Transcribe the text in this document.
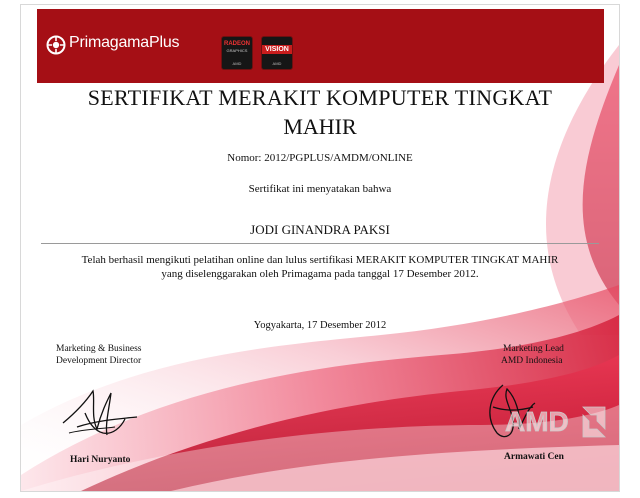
PrimagamaPlus	RADEON
GRAPHICS
AMD
VISION
AMD
SERTIFIKAT MERAKIT KOMPUTER TINGKAT
MAHIR
Nomor: 2012/PGPLUS/AMDM/ONLINE
Sertifikat ini menyatakan bahwa
JODI GINANDRA PAKSI
Telah berhasil mengikuti pelatihan online dan lulus sertifikasi MERAKIT KOMPUTER TINGKAT MAHIR
yang diselenggarakan oleh Primagama pada tanggal 17 Desember 2012.
Yogyakarta, 17 Desember 2012
Marketing & Business
Development Director
Marketing Lead
AMD Indonesia
AMD
Hari Nuryanto	Armawati Cen
